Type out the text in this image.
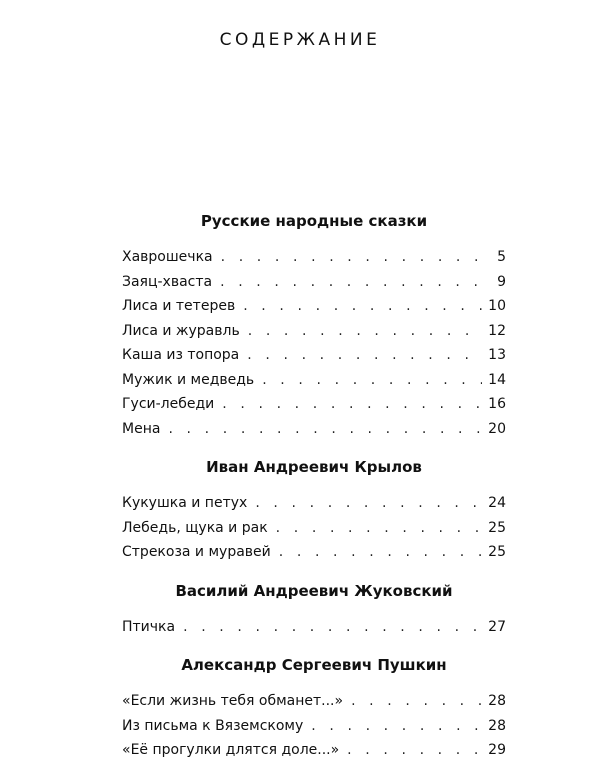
СОДЕРЖАНИЕ
Русские народные сказки
Хаврошечка . . .	5
Заяц-хваста . . .	9
Лиса и тетерев . . .	10
Лиса и журавль . . .	12
Каша из топора . . .	13
Мужик и медведь . . .	14
Гуси-лебеди . . .	16
Мена . . .	20
Иван Андреевич Крылов
Кукушка и петух . . .	24
Лебедь, щука и рак . . .	25
Стрекоза и муравей . . .	25
Василий Андреевич Жуковский
Птичка . . .	27
Александр Сергеевич Пушкин
«Если жизнь тебя обманет...» . . .	28
Из письма к Вяземскому . . .	28
«Её прогулки длятся доле...» . . .	29
